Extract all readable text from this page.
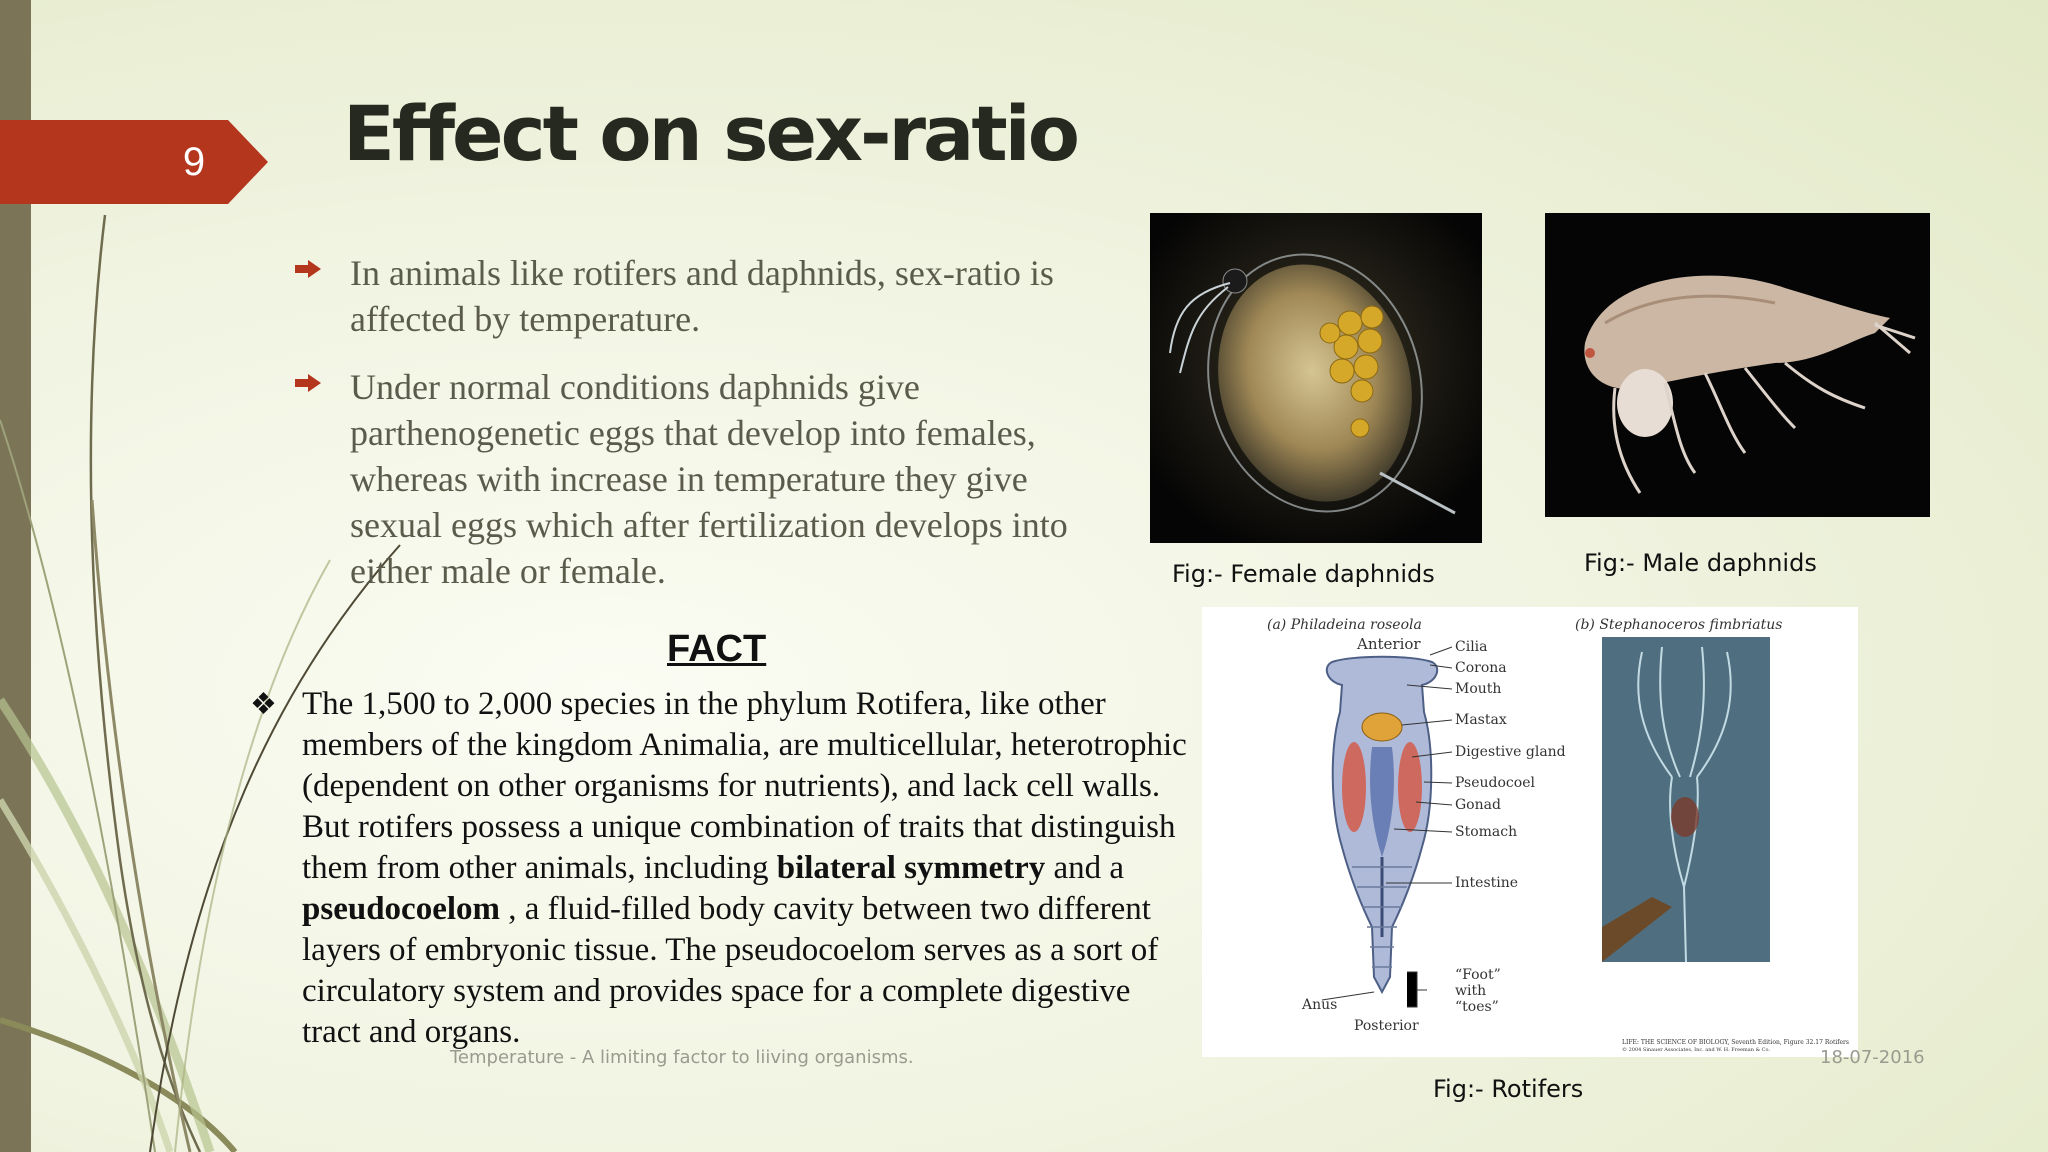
9	Effect on sex-ratio
In animals like rotifers and daphnids, sex-ratio is affected by temperature.
Under normal conditions daphnids give parthenogenetic eggs that develop into females, whereas with increase in temperature they give sexual eggs which after fertilization develops into either male or female.
FACT
❖ The 1,500 to 2,000 species in the phylum Rotifera, like other members of the kingdom Animalia, are multicellular, heterotrophic (dependent on other organisms for nutrients), and lack cell walls. But rotifers possess a unique combination of traits that distinguish them from other animals, including bilateral symmetry and a pseudocoelom , a fluid-filled body cavity between two different layers of embryonic tissue. The pseudocoelom serves as a sort of circulatory system and provides space for a complete digestive tract and organs.

Fig:- Female daphnids	Fig:- Male daphnids
(a) Philadeina roseola	(b) Stephanoceros fimbriatus
Anterior Cilia
Corona
Mouth
Mastax
Digestive gland
Pseudocoel
Gonad
Stomach
Intestine
“Foot”
with
“toes”
Anus
Posterior
LIFE: THE SCIENCE OF BIOLOGY, Seventh Edition, Figure 32.17 Rotifers
© 2004 Sinauer Associates, Inc. and W. H. Freeman & Co.
Fig:- Rotifers
Temperature - A limiting factor to liiving organisms.	18-07-2016
